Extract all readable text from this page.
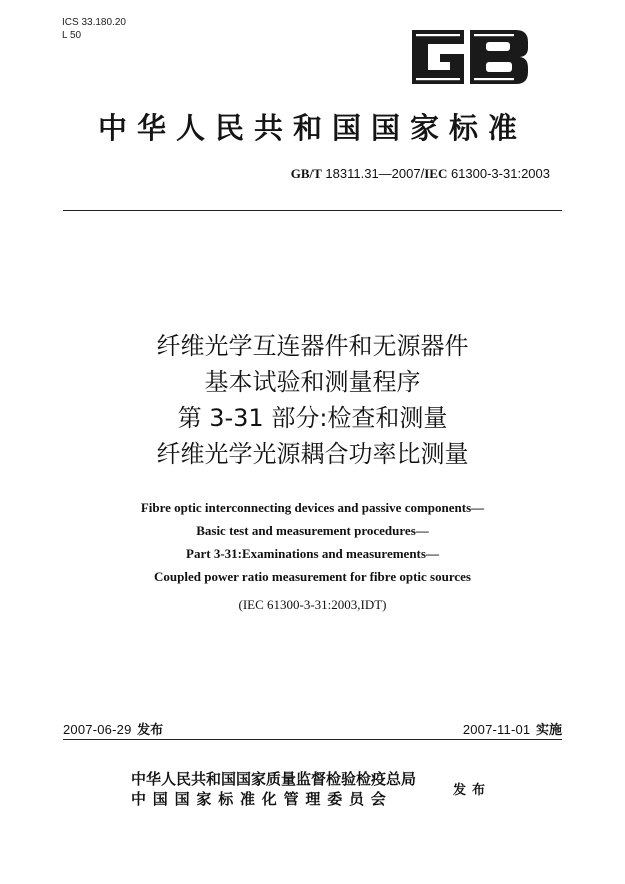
ICS 33.180.20
L 50
中华人民共和国国家标准
GB/T 18311.31—2007/IEC 61300-3-31:2003
纤维光学互连器件和无源器件
基本试验和测量程序
第 3-31 部分:检查和测量
纤维光学光源耦合功率比测量
Fibre optic interconnecting devices and passive components—
Basic test and measurement procedures—
Part 3-31:Examinations and measurements—
Coupled power ratio measurement for fibre optic sources
(IEC 61300-3-31:2003,IDT)
2007-06-29 发布	2007-11-01 实施
中华人民共和国国家质量监督检验检疫总局
中国国家标准化管理委员会	发布
